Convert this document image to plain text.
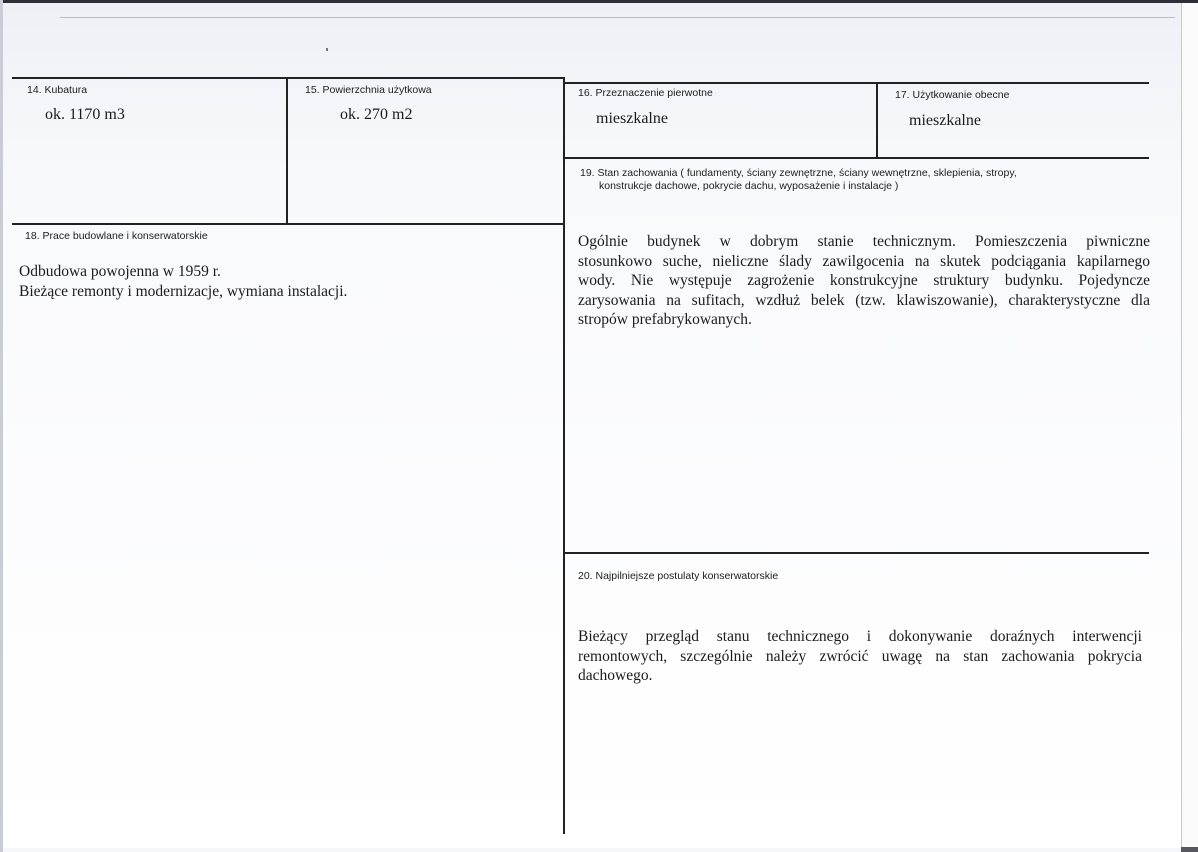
14. Kubatura
ok. 1170 m3
15. Powierzchnia użytkowa
ok. 270 m2
16. Przeznaczenie pierwotne
mieszkalne
17. Użytkowanie obecne
mieszkalne
18. Prace budowlane i konserwatorskie
Odbudowa powojenna w 1959 r.
Bieżące remonty i modernizacje, wymiana instalacji.
19. Stan zachowania ( fundamenty, ściany zewnętrzne, ściany wewnętrzne, sklepienia, stropy,
konstrukcje dachowe, pokrycie dachu, wyposażenie i instalacje )
Ogólnie budynek w dobrym stanie technicznym. Pomieszczenia piwniczne
stosunkowo suche, nieliczne ślady zawilgocenia na skutek podciągania kapilarnego
wody. Nie występuje zagrożenie konstrukcyjne struktury budynku. Pojedyncze
zarysowania na sufitach, wzdłuż belek (tzw. klawiszowanie), charakterystyczne dla
stropów prefabrykowanych.
20. Najpilniejsze postulaty konserwatorskie
Bieżący przegląd stanu technicznego i dokonywanie doraźnych interwencji
remontowych, szczególnie należy zwrócić uwagę na stan zachowania pokrycia
dachowego.
